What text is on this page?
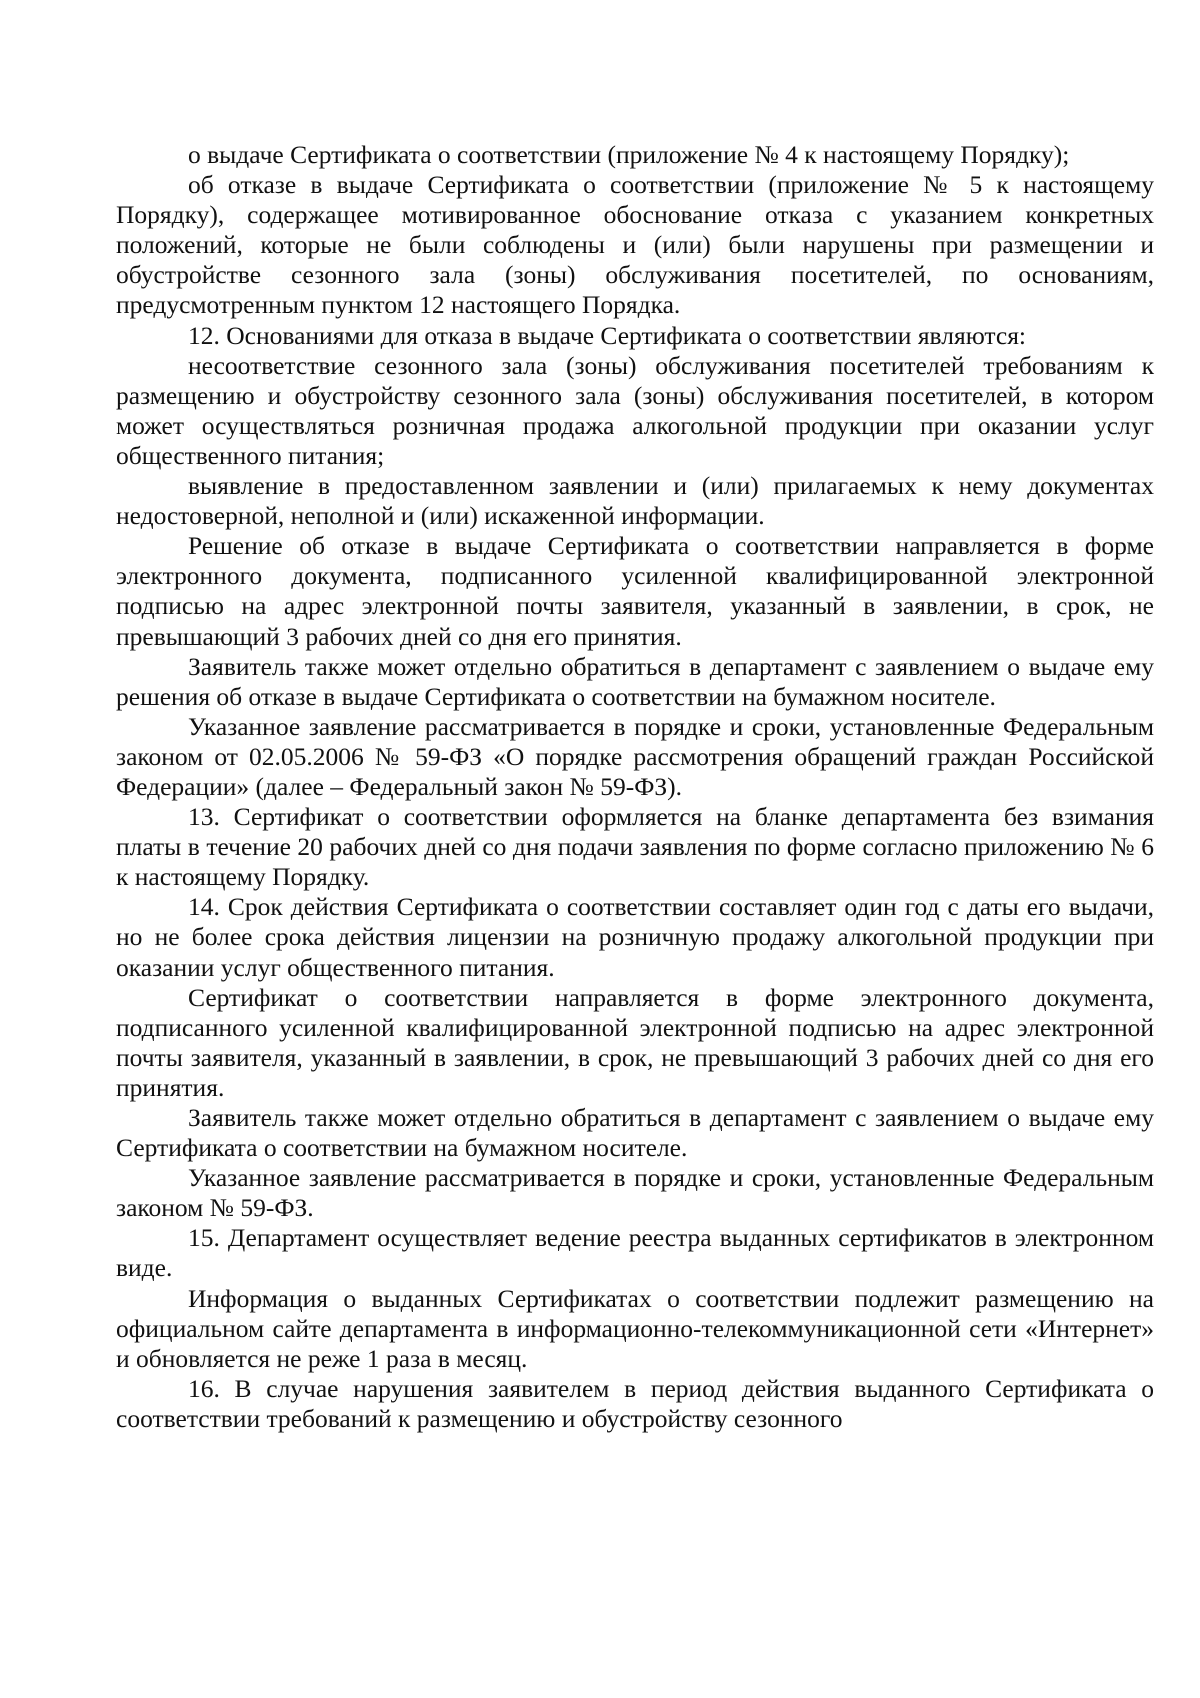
о выдаче Сертификата о соответствии (приложение № 4 к настоящему Порядку);

об отказе в выдаче Сертификата о соответствии (приложение № 5 к настоящему Порядку), содержащее мотивированное обоснование отказа с указанием конкретных положений, которые не были соблюдены и (или) были нарушены при размещении и обустройстве сезонного зала (зоны) обслуживания посетителей, по основаниям, предусмотренным пунктом 12 настоящего Порядка.

12. Основаниями для отказа в выдаче Сертификата о соответствии являются:

несоответствие сезонного зала (зоны) обслуживания посетителей требованиям к размещению и обустройству сезонного зала (зоны) обслуживания посетителей, в котором может осуществляться розничная продажа алкогольной продукции при оказании услуг общественного питания;

выявление в предоставленном заявлении и (или) прилагаемых к нему документах недостоверной, неполной и (или) искаженной информации.

Решение об отказе в выдаче Сертификата о соответствии направляется в форме электронного документа, подписанного усиленной квалифицированной электронной подписью на адрес электронной почты заявителя, указанный в заявлении, в срок, не превышающий 3 рабочих дней со дня его принятия.

Заявитель также может отдельно обратиться в департамент с заявлением о выдаче ему решения об отказе в выдаче Сертификата о соответствии на бумажном носителе.

Указанное заявление рассматривается в порядке и сроки, установленные Федеральным законом от 02.05.2006 № 59-ФЗ «О порядке рассмотрения обращений граждан Российской Федерации» (далее – Федеральный закон № 59-ФЗ).

13. Сертификат о соответствии оформляется на бланке департамента без взимания платы в течение 20 рабочих дней со дня подачи заявления по форме согласно приложению № 6 к настоящему Порядку.

14. Срок действия Сертификата о соответствии составляет один год с даты его выдачи, но не более срока действия лицензии на розничную продажу алкогольной продукции при оказании услуг общественного питания.

Сертификат о соответствии направляется в форме электронного документа, подписанного усиленной квалифицированной электронной подписью на адрес электронной почты заявителя, указанный в заявлении, в срок, не превышающий 3 рабочих дней со дня его принятия.

Заявитель также может отдельно обратиться в департамент с заявлением о выдаче ему Сертификата о соответствии на бумажном носителе.

Указанное заявление рассматривается в порядке и сроки, установленные Федеральным законом № 59-ФЗ.

15. Департамент осуществляет ведение реестра выданных сертификатов в электронном виде.

Информация о выданных Сертификатах о соответствии подлежит размещению на официальном сайте департамента в информационно-телекоммуникационной сети «Интернет» и обновляется не реже 1 раза в месяц.

16. В случае нарушения заявителем в период действия выданного Сертификата о соответствии требований к размещению и обустройству сезонного
